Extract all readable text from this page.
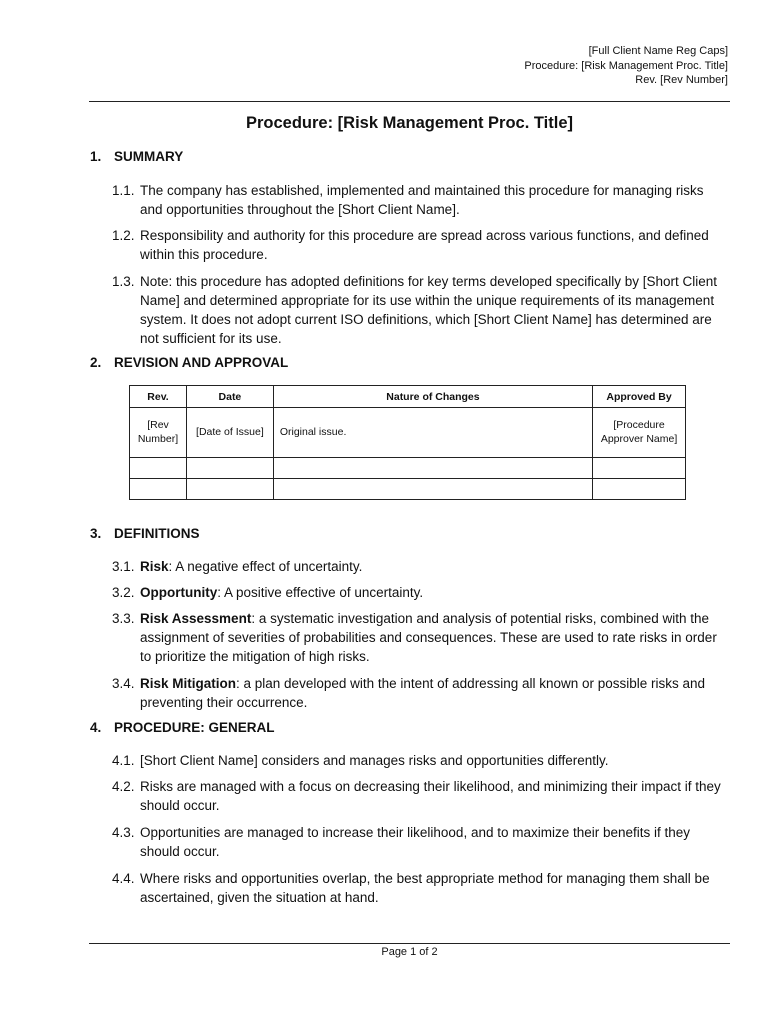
[Full Client Name Reg Caps]
Procedure: [Risk Management Proc. Title]
Rev. [Rev Number]
Procedure: [Risk Management Proc. Title]
1. SUMMARY
1.1. The company has established, implemented and maintained this procedure for managing risks and opportunities throughout the [Short Client Name].
1.2. Responsibility and authority for this procedure are spread across various functions, and defined within this procedure.
1.3. Note: this procedure has adopted definitions for key terms developed specifically by [Short Client Name] and determined appropriate for its use within the unique requirements of its management system. It does not adopt current ISO definitions, which [Short Client Name] has determined are not sufficient for its use.
2. REVISION AND APPROVAL
Rev.	Date	Nature of Changes	Approved By
[Rev Number]	[Date of Issue]	Original issue.	[Procedure Approver Name]

3. DEFINITIONS
3.1. Risk: A negative effect of uncertainty.
3.2. Opportunity: A positive effective of uncertainty.
3.3. Risk Assessment: a systematic investigation and analysis of potential risks, combined with the assignment of severities of probabilities and consequences. These are used to rate risks in order to prioritize the mitigation of high risks.
3.4. Risk Mitigation: a plan developed with the intent of addressing all known or possible risks and preventing their occurrence.
4. PROCEDURE: GENERAL
4.1. [Short Client Name] considers and manages risks and opportunities differently.
4.2. Risks are managed with a focus on decreasing their likelihood, and minimizing their impact if they should occur.
4.3. Opportunities are managed to increase their likelihood, and to maximize their benefits if they should occur.
4.4. Where risks and opportunities overlap, the best appropriate method for managing them shall be ascertained, given the situation at hand.
Page 1 of 2
